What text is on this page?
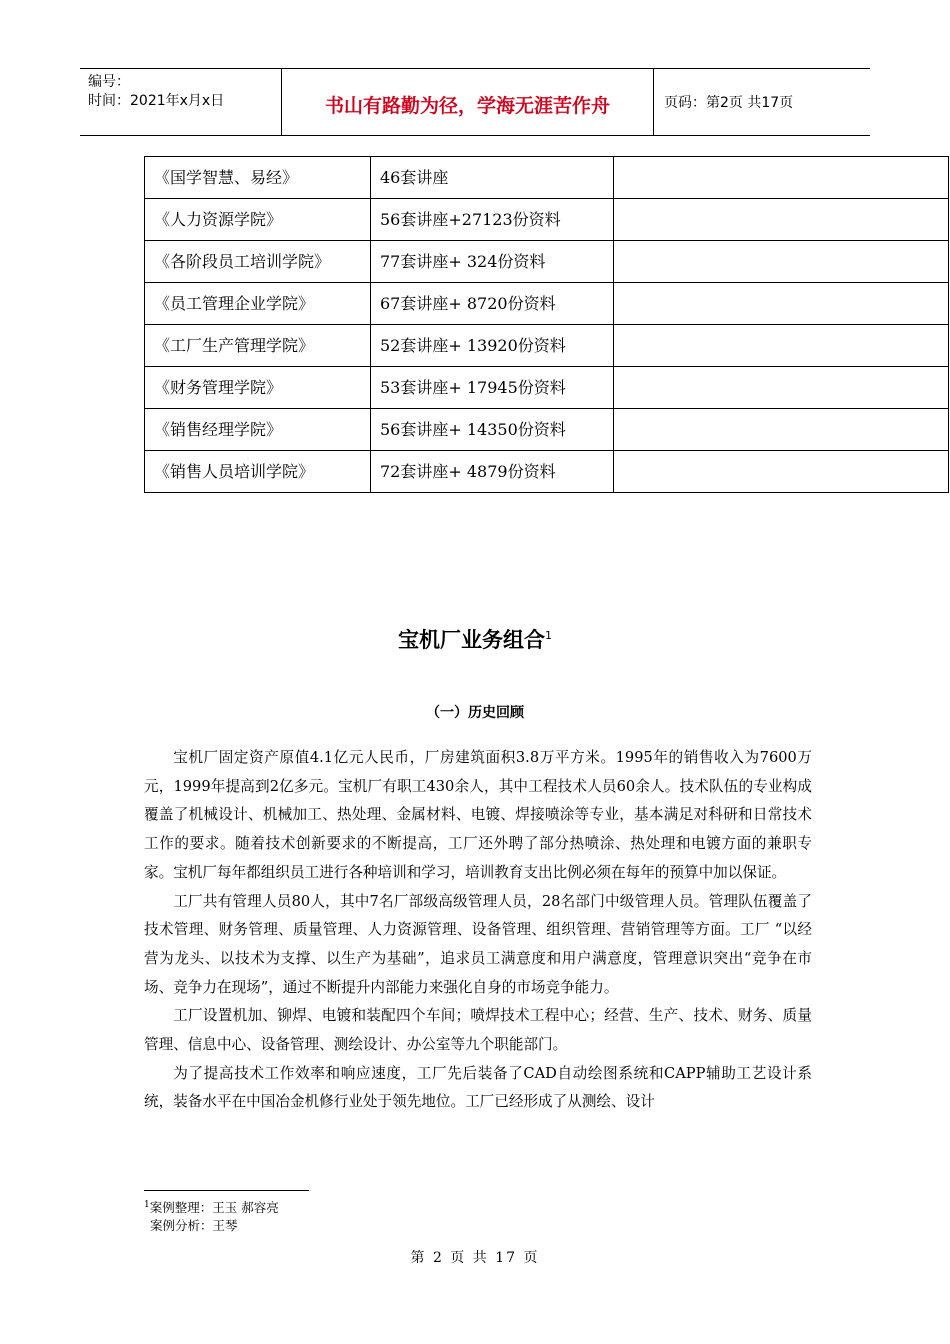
编号：
时间：2021年x月x日	书山有路勤为径，学海无涯苦作舟	页码：第2页 共17页
《国学智慧、易经》	46套讲座	
《人力资源学院》	56套讲座+27123份资料	
《各阶段员工培训学院》	77套讲座+ 324份资料	
《员工管理企业学院》	67套讲座+ 8720份资料	
《工厂生产管理学院》	52套讲座+ 13920份资料	
《财务管理学院》	53套讲座+ 17945份资料	
《销售经理学院》	56套讲座+ 14350份资料	
《销售人员培训学院》	72套讲座+ 4879份资料	
宝机厂业务组合$^1$
（一）历史回顾

宝机厂固定资产原值4.1亿元人民币，厂房建筑面积3.8万平方米。1995年的销售收入为7600万元，1999年提高到2亿多元。宝机厂有职工430余人，其中工程技术人员60余人。技术队伍的专业构成覆盖了机械设计、机械加工、热处理、金属材料、电镀、焊接喷涂等专业，基本满足对科研和日常技术工作的要求。随着技术创新要求的不断提高，工厂还外聘了部分热喷涂、热处理和电镀方面的兼职专家。宝机厂每年都组织员工进行各种培训和学习，培训教育支出比例必须在每年的预算中加以保证。

工厂共有管理人员80人，其中7名厂部级高级管理人员，28名部门中级管理人员。管理队伍覆盖了技术管理、财务管理、质量管理、人力资源管理、设备管理、组织管理、营销管理等方面。工厂 “以经营为龙头、以技术为支撑、以生产为基础”，追求员工满意度和用户满意度，管理意识突出“竞争在市场、竞争力在现场”，通过不断提升内部能力来强化自身的市场竞争能力。

工厂设置机加、铆焊、电镀和装配四个车间；喷焊技术工程中心；经营、生产、技术、财务、质量管理、信息中心、设备管理、测绘设计、办公室等九个职能部门。

为了提高技术工作效率和响应速度，工厂先后装备了CAD自动绘图系统和CAPP辅助工艺设计系统，装备水平在中国冶金机修行业处于领先地位。工厂已经形成了从测绘、设计

$^1$案例整理：王玉 郝容亮
案例分析：王琴
第 2 页 共 17 页
